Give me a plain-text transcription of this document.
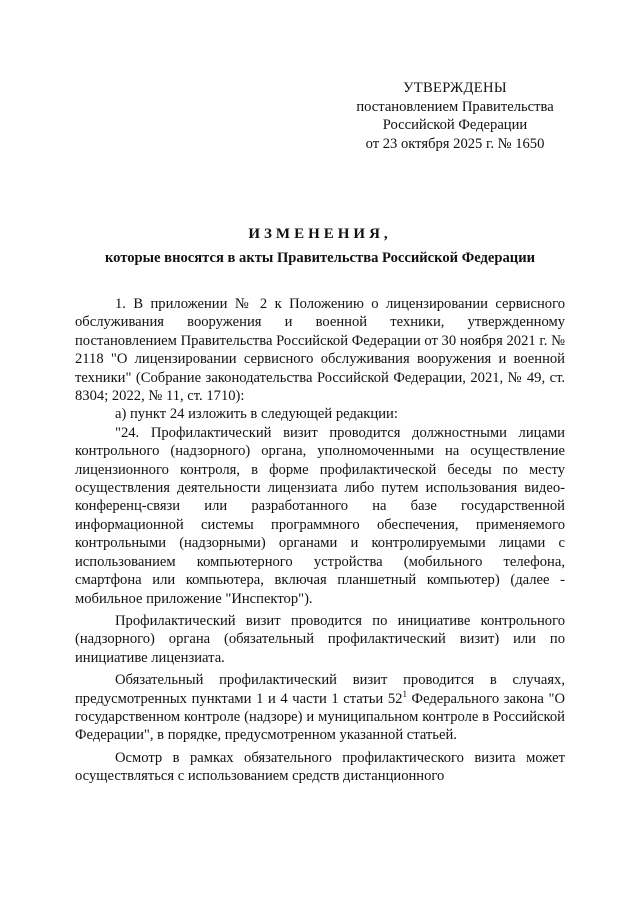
УТВЕРЖДЕНЫ
постановлением Правительства
Российской Федерации
от 23 октября 2025 г. № 1650
ИЗМЕНЕНИЯ,
которые вносятся в акты Правительства Российской Федерации

1. В приложении № 2 к Положению о лицензировании сервисного обслуживания вооружения и военной техники, утвержденному постановлением Правительства Российской Федерации от 30 ноября 2021 г. № 2118 "О лицензировании сервисного обслуживания вооружения и военной техники" (Собрание законодательства Российской Федерации, 2021, № 49, ст. 8304; 2022, № 11, ст. 1710):

а) пункт 24 изложить в следующей редакции:

"24. Профилактический визит проводится должностными лицами контрольного (надзорного) органа, уполномоченными на осуществление лицензионного контроля, в форме профилактической беседы по месту осуществления деятельности лицензиата либо путем использования видео-конференц-связи или разработанного на базе государственной информационной системы программного обеспечения, применяемого контрольными (надзорными) органами и контролируемыми лицами с использованием компьютерного устройства (мобильного телефона, смартфона или компьютера, включая планшетный компьютер) (далее - мобильное приложение "Инспектор").

Профилактический визит проводится по инициативе контрольного (надзорного) органа (обязательный профилактический визит) или по инициативе лицензиата.

Обязательный профилактический визит проводится в случаях, предусмотренных пунктами 1 и 4 части 1 статьи $52^1$ Федерального закона "О государственном контроле (надзоре) и муниципальном контроле в Российской Федерации", в порядке, предусмотренном указанной статьей.

Осмотр в рамках обязательного профилактического визита может осуществляться с использованием средств дистанционного
